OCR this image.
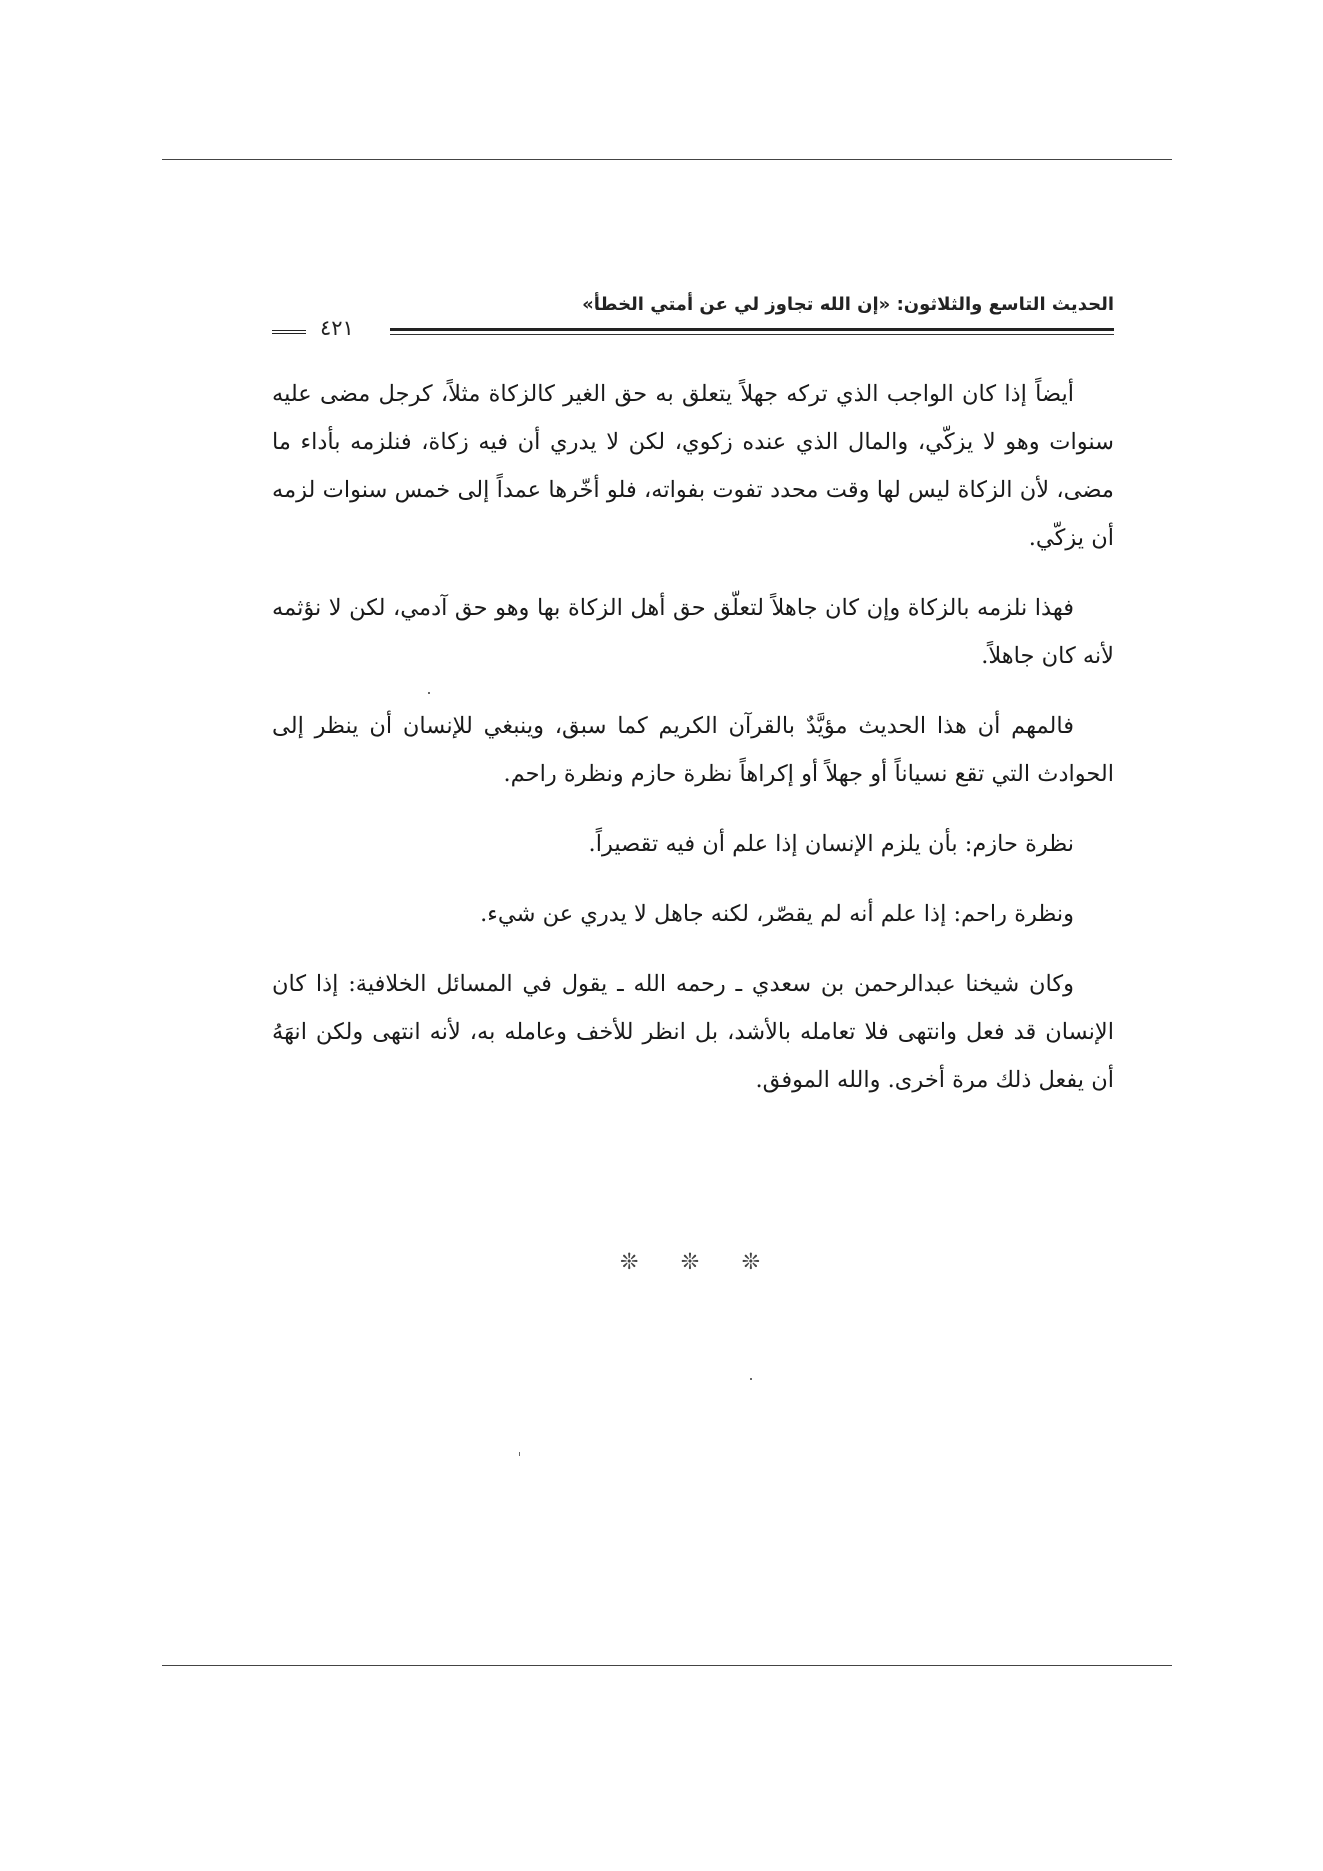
الحديث التاسع والثلاثون: «إن الله تجاوز لي عن أمتي الخطأ»
٤٢١

أيضاً إذا كان الواجب الذي تركه جهلاً يتعلق به حق الغير كالزكاة مثلاً، كرجل مضى عليه سنوات وهو لا يزكّي، والمال الذي عنده زكوي، لكن لا يدري أن فيه زكاة، فنلزمه بأداء ما مضى، لأن الزكاة ليس لها وقت محدد تفوت بفواته، فلو أخّرها عمداً إلى خمس سنوات لزمه أن يزكّي.

فهذا نلزمه بالزكاة وإن كان جاهلاً لتعلّق حق أهل الزكاة بها وهو حق آدمي، لكن لا نؤثمه لأنه كان جاهلاً.

فالمهم أن هذا الحديث مؤيَّدٌ بالقرآن الكريم كما سبق، وينبغي للإنسان أن ينظر إلى الحوادث التي تقع نسياناً أو جهلاً أو إكراهاً نظرة حازم ونظرة راحم.

نظرة حازم: بأن يلزم الإنسان إذا علم أن فيه تقصيراً.

ونظرة راحم: إذا علم أنه لم يقصّر، لكنه جاهل لا يدري عن شيء.

وكان شيخنا عبدالرحمن بن سعدي ـ رحمه الله ـ يقول في المسائل الخلافية: إذا كان الإنسان قد فعل وانتهى فلا تعامله بالأشد، بل انظر للأخف وعامله به، لأنه انتهى ولكن انهَهُ أن يفعل ذلك مرة أخرى. والله الموفق.

❊ ❊ ❊
